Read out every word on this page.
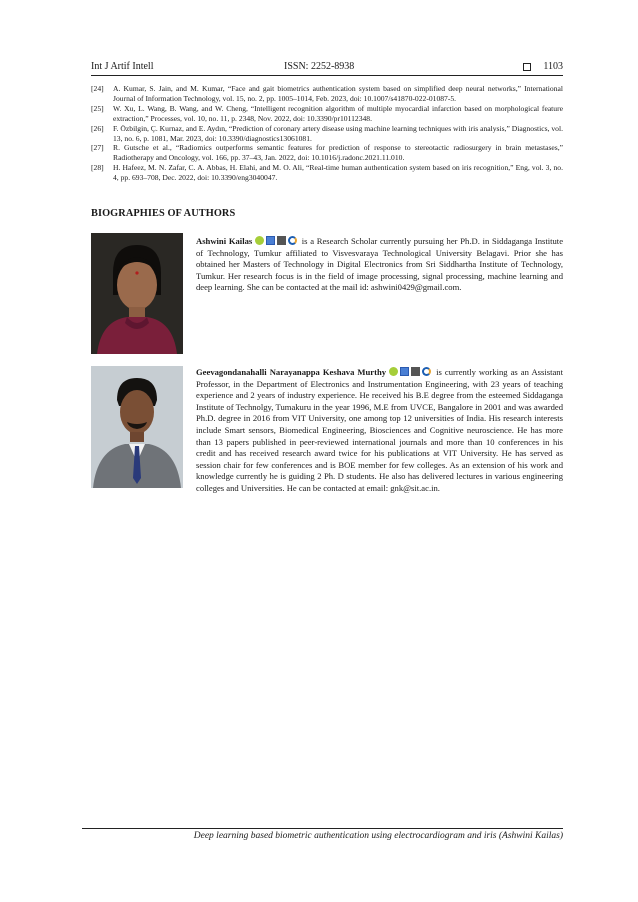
Int J Artif Intell	ISSN: 2252-8938	1103
[24]	A. Kumar, S. Jain, and M. Kumar, “Face and gait biometrics authentication system based on simplified deep neural networks,” International Journal of Information Technology, vol. 15, no. 2, pp. 1005–1014, Feb. 2023, doi: 10.1007/s41870-022-01087-5.
[25]	W. Xu, L. Wang, B. Wang, and W. Cheng, “Intelligent recognition algorithm of multiple myocardial infarction based on morphological feature extraction,” Processes, vol. 10, no. 11, p. 2348, Nov. 2022, doi: 10.3390/pr10112348.
[26]	F. Özbilgin, Ç. Kurnaz, and E. Aydın, “Prediction of coronary artery disease using machine learning techniques with iris analysis,” Diagnostics, vol. 13, no. 6, p. 1081, Mar. 2023, doi: 10.3390/diagnostics13061081.
[27]	R. Gutsche et al., “Radiomics outperforms semantic features for prediction of response to stereotactic radiosurgery in brain metastases,” Radiotherapy and Oncology, vol. 166, pp. 37–43, Jan. 2022, doi: 10.1016/j.radonc.2021.11.010.
[28]	H. Hafeez, M. N. Zafar, C. A. Abbas, H. Elahi, and M. O. Ali, “Real-time human authentication system based on iris recognition,” Eng, vol. 3, no. 4, pp. 693–708, Dec. 2022, doi: 10.3390/eng3040047.
BIOGRAPHIES OF AUTHORS
Ashwini Kailas	is a Research Scholar currently pursuing her Ph.D. in Siddaganga Institute of Technology, Tumkur affiliated to Visvesvaraya Technological University Belagavi. Prior she has obtained her Masters of Technology in Digital Electronics from Sri Siddhartha Institute of Technology, Tumkur. Her research focus is in the field of image processing, signal processing, machine learning and deep learning. She can be contacted at the mail id: ashwini0429@gmail.com.
Geevagondanahalli Narayanappa Keshava Murthy	is currently working as an Assistant Professor, in the Department of Electronics and Instrumentation Engineering, with 23 years of teaching experience and 2 years of industry experience. He received his B.E degree from the esteemed Siddaganga Institute of Technolgy, Tumakuru in the year 1996, M.E from UVCE, Bangalore in 2001 and was awarded Ph.D. degree in 2016 from VIT University, one among top 12 universities of India. His research interests include Smart sensors, Biomedical Engineering, Biosciences and Cognitive neuroscience. He has more than 13 papers published in peer-reviewed international journals and more than 10 conferences in his credit and has received research award twice for his publications at VIT University. He has served as session chair for few conferences and is BOE member for few colleges. As an extension of his work and knowledge currently he is guiding 2 Ph. D students. He also has delivered lectures in various engineering colleges and Universities. He can be contacted at email: gnk@sit.ac.in.
Deep learning based biometric authentication using electrocardiogram and iris (Ashwini Kailas)
